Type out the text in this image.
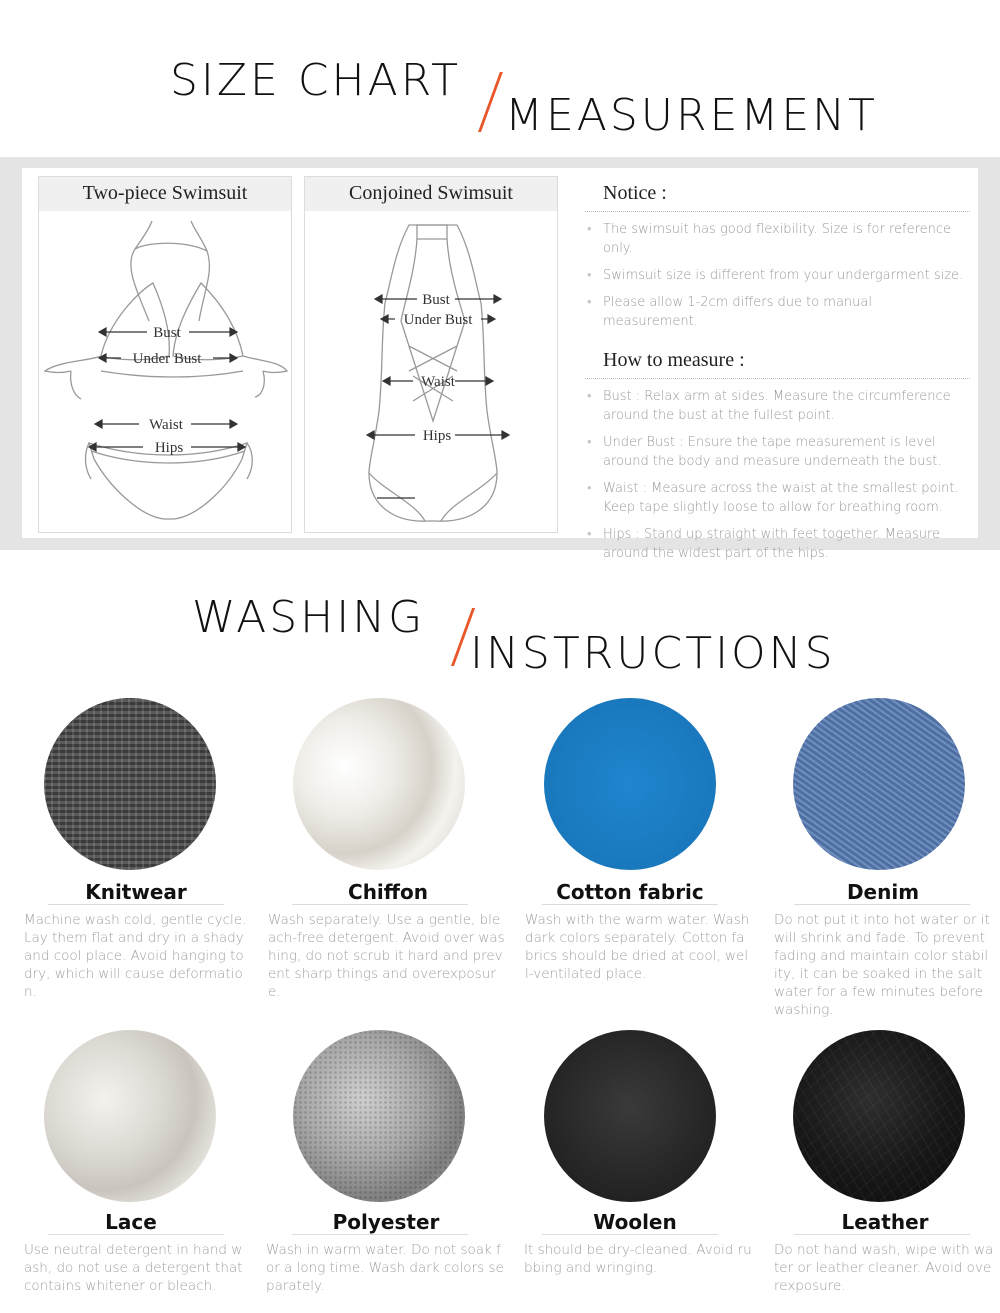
SIZE CHART
MEASUREMENT
Two-piece Swimsuit
Bust
Under Bust
Waist
Hips
Conjoined Swimsuit
Bust
Under Bust
Waist
Hips
Notice :
• The swimsuit has good flexibility. Size is for reference only.
• Swimsuit size is different from your undergarment size.
• Please allow 1-2cm differs due to manual measurement.
How to measure :
• Bust : Relax arm at sides. Measure the circumference around the bust at the fullest point.
• Under Bust : Ensure the tape measurement is level around the body and measure underneath the bust.
• Waist : Measure across the waist at the smallest point. Keep tape slightly loose to allow for breathing room.
• Hips : Stand up straight with feet together. Measure around the widest part of the hips.
WASHING
INSTRUCTIONS
Knitwear
Machine wash cold, gentle cycle. Lay them flat and dry in a shady and cool place. Avoid hanging to dry, which will cause deformation.
Chiffon
Wash separately. Use a gentle, bleach-free detergent. Avoid over washing, do not scrub it hard and prevent sharp things and overexposure.
Cotton fabric
Wash with the warm water. Wash dark colors separately. Cotton fabrics should be dried at cool, well-ventilated place.
Denim
Do not put it into hot water or it will shrink and fade. To prevent fading and maintain color stability, it can be soaked in the salt water for a few minutes before washing.
Lace
Use neutral detergent in hand wash, do not use a detergent that contains whitener or bleach.
Polyester
Wash in warm water. Do not soak for a long time. Wash dark colors separately.
Woolen
It should be dry-cleaned. Avoid rubbing and wringing.
Leather
Do not hand wash, wipe with water or leather cleaner. Avoid overexposure.
